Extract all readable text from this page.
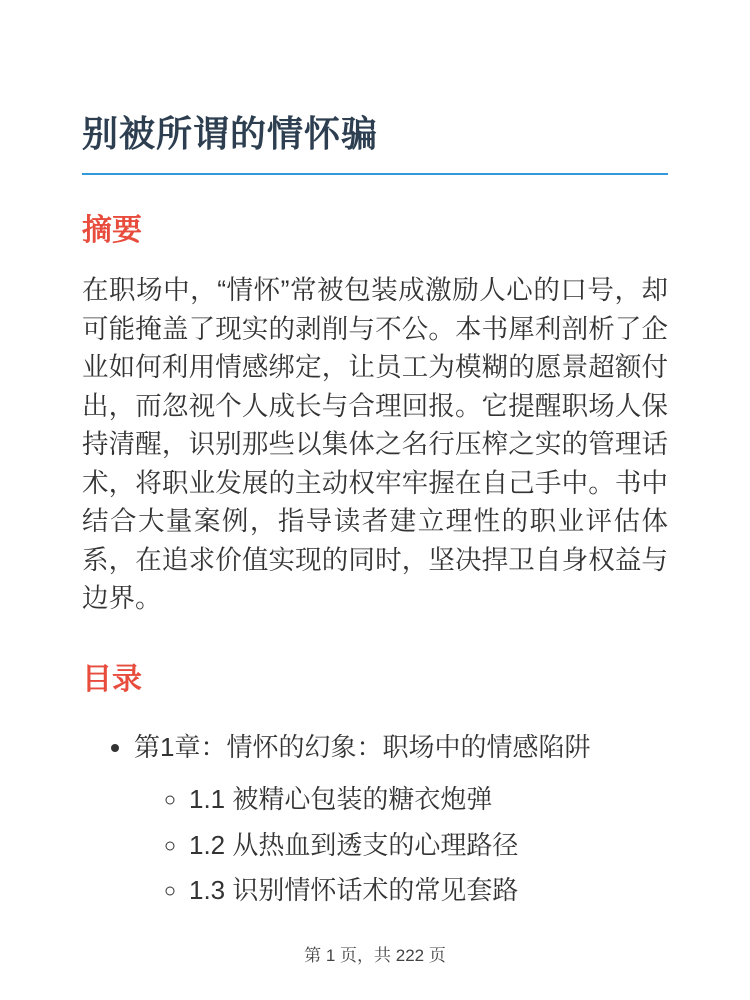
别被所谓的情怀骗
摘要

在职场中，“情怀”常被包装成激励人心的口号，却可能掩盖了现实的剥削与不公。本书犀利剖析了企业如何利用情感绑定，让员工为模糊的愿景超额付出，而忽视个人成长与合理回报。它提醒职场人保持清醒，识别那些以集体之名行压榨之实的管理话术，将职业发展的主动权牢牢握在自己手中。书中结合大量案例，指导读者建立理性的职业评估体系，在追求价值实现的同时，坚决捍卫自身权益与边界。

目录
• 第1章：情怀的幻象：职场中的情感陷阱
◦ 1.1 被精心包装的糖衣炮弹
◦ 1.2 从热血到透支的心理路径
◦ 1.3 识别情怀话术的常见套路
第 1 页，共 222 页
